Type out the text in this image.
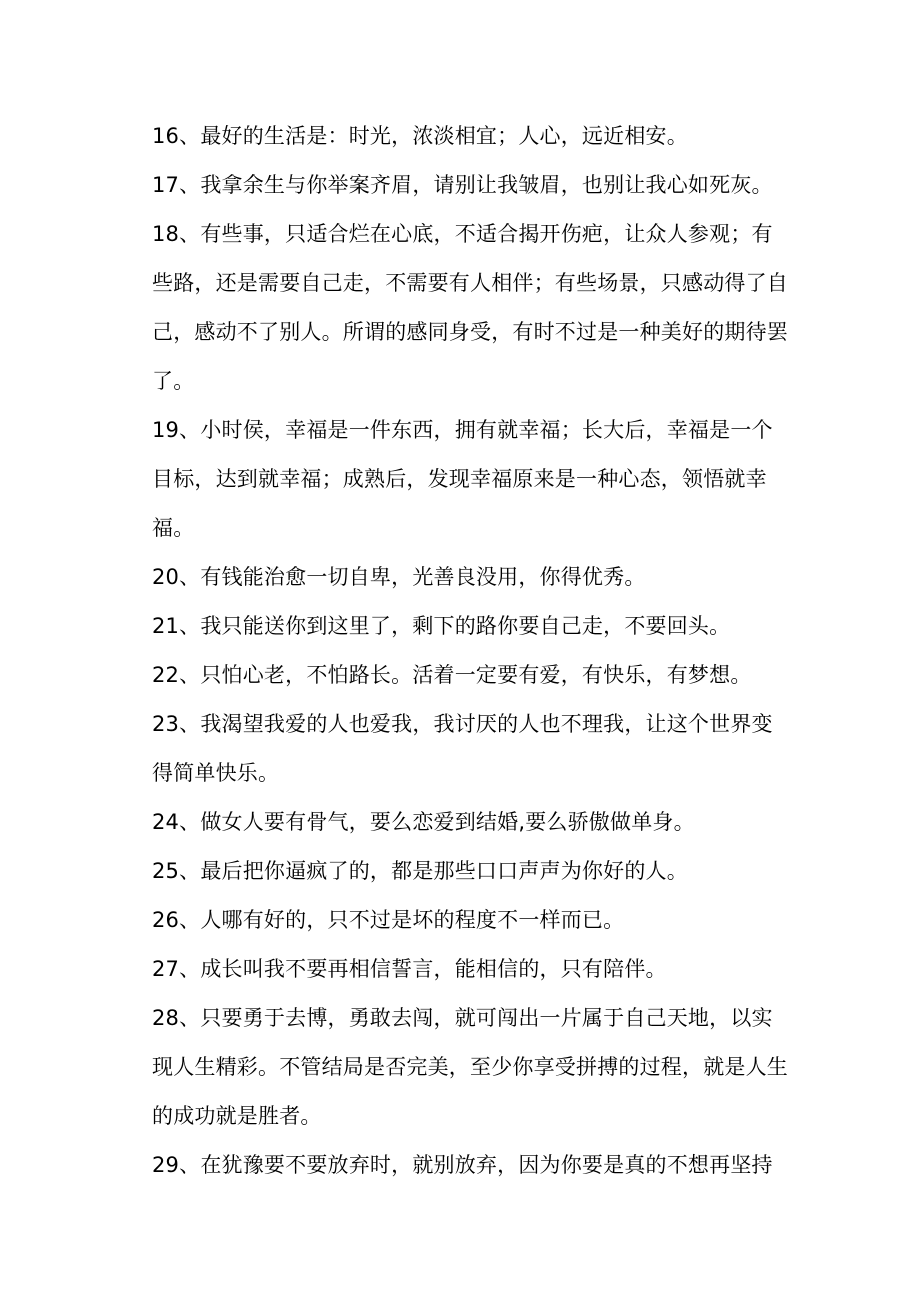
16、最好的生活是：时光，浓淡相宜；人心，远近相安。

17、我拿余生与你举案齐眉，请别让我皱眉，也别让我心如死灰。

18、有些事，只适合烂在心底，不适合揭开伤疤，让众人参观；有些路，还是需要自己走，不需要有人相伴；有些场景，只感动得了自己，感动不了别人。所谓的感同身受，有时不过是一种美好的期待罢了。

19、小时侯，幸福是一件东西，拥有就幸福；长大后，幸福是一个目标，达到就幸福；成熟后，发现幸福原来是一种心态，领悟就幸福。

20、有钱能治愈一切自卑，光善良没用，你得优秀。

21、我只能送你到这里了，剩下的路你要自己走，不要回头。

22、只怕心老，不怕路长。活着一定要有爱，有快乐，有梦想。

23、我渴望我爱的人也爱我，我讨厌的人也不理我，让这个世界变得简单快乐。

24、做女人要有骨气，要么恋爱到结婚,要么骄傲做单身。

25、最后把你逼疯了的，都是那些口口声声为你好的人。

26、人哪有好的，只不过是坏的程度不一样而已。

27、成长叫我不要再相信誓言，能相信的，只有陪伴。

28、只要勇于去博，勇敢去闯，就可闯出一片属于自己天地，以实现人生精彩。不管结局是否完美，至少你享受拼搏的过程，就是人生的成功就是胜者。

29、在犹豫要不要放弃时，就别放弃，因为你要是真的不想再坚持
